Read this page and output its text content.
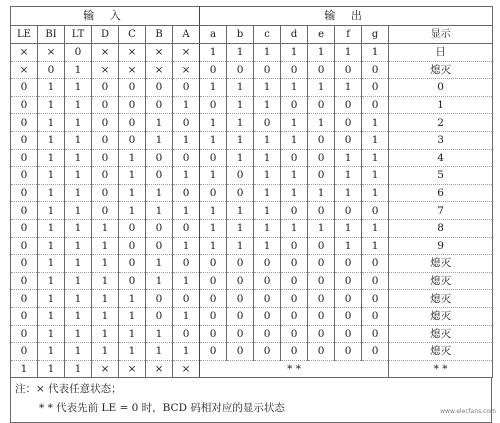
输 入							输 出							
LE	BI	LT	D	C	B	A	a	b	c	d	e	f	g	显示
×	×	0	×	×	×	×	1	1	1	1	1	1	1	日
×	0	1	×	×	×	×	0	0	0	0	0	0	0	熄灭
0	1	1	0	0	0	0	1	1	1	1	1	1	0	0
0	1	1	0	0	0	1	0	1	1	0	0	0	0	1
0	1	1	0	0	1	0	1	1	0	1	1	0	1	2
0	1	1	0	0	1	1	1	1	1	1	0	0	1	3
0	1	1	0	1	0	0	0	1	1	0	0	1	1	4
0	1	1	0	1	0	1	1	0	1	1	0	1	1	5
0	1	1	0	1	1	0	0	0	1	1	1	1	1	6
0	1	1	0	1	1	1	1	1	1	0	0	0	0	7
0	1	1	1	0	0	0	1	1	1	1	1	1	1	8
0	1	1	1	0	0	1	1	1	1	0	0	1	1	9
0	1	1	1	0	1	0	0	0	0	0	0	0	0	熄灭
0	1	1	1	0	1	1	0	0	0	0	0	0	0	熄灭
0	1	1	1	1	0	0	0	0	0	0	0	0	0	熄灭
0	1	1	1	1	0	1	0	0	0	0	0	0	0	熄灭
0	1	1	1	1	1	0	0	0	0	0	0	0	0	熄灭
0	1	1	1	1	1	1	0	0	0	0	0	0	0	熄灭
1	1	1	×	×	×	×	* *							* *
注：× 代表任意状态；
* * 代表先前 LE = 0 时，BCD 码相对应的显示状态	www.elecfans.com
